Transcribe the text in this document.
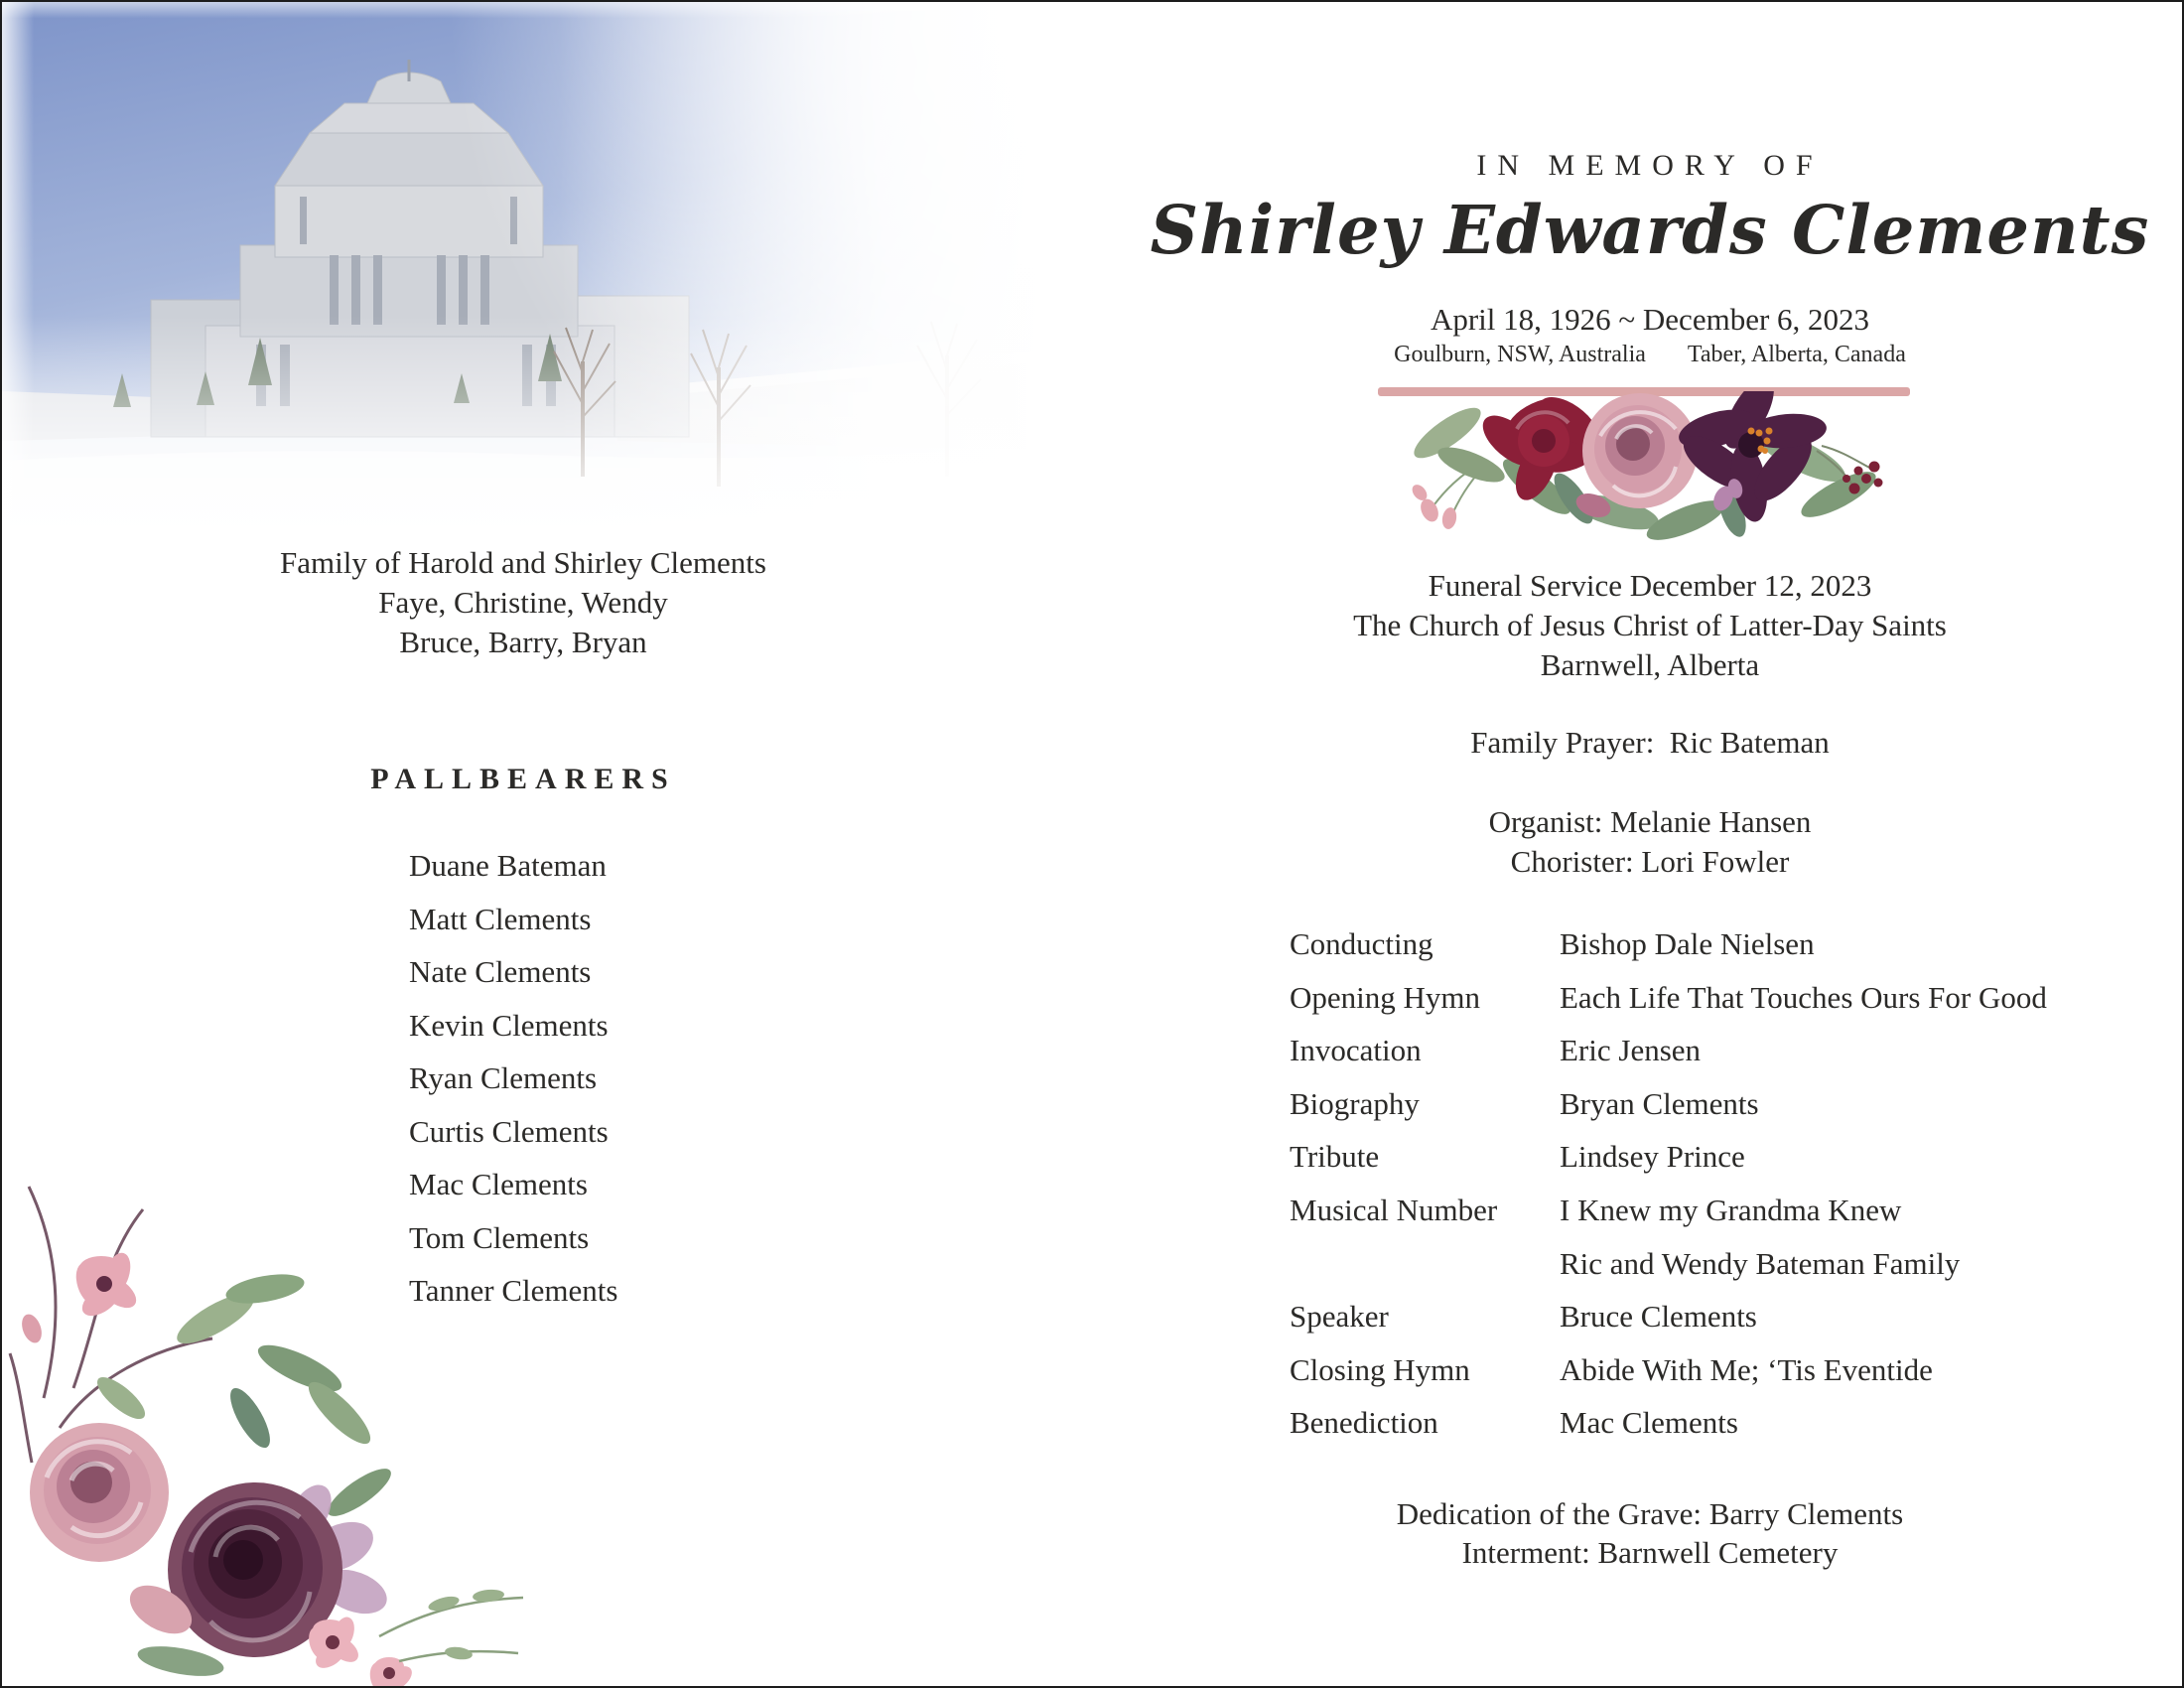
Family of Harold and Shirley Clements
Faye, Christine, Wendy
Bruce, Barry, Bryan
PALLBEARERS
Duane Bateman
Matt Clements
Nate Clements
Kevin Clements
Ryan Clements
Curtis Clements
Mac Clements
Tom Clements
Tanner Clements
IN MEMORY OF
Shirley Edwards Clements
April 18, 1926 ~ December 6, 2023
Goulburn, NSW, Australia Taber, Alberta, Canada
Funeral Service December 12, 2023
The Church of Jesus Christ of Latter-Day Saints
Barnwell, Alberta
Family Prayer:  Ric Bateman
Organist: Melanie Hansen
Chorister: Lori Fowler
Conducting	Bishop Dale Nielsen
Opening Hymn	Each Life That Touches Ours For Good
Invocation	Eric Jensen
Biography	Bryan Clements
Tribute	Lindsey Prince
Musical Number	I Knew my Grandma Knew
Ric and Wendy Bateman Family
Speaker	Bruce Clements
Closing Hymn	Abide With Me; ‘Tis Eventide
Benediction	Mac Clements
Dedication of the Grave: Barry Clements
Interment: Barnwell Cemetery
